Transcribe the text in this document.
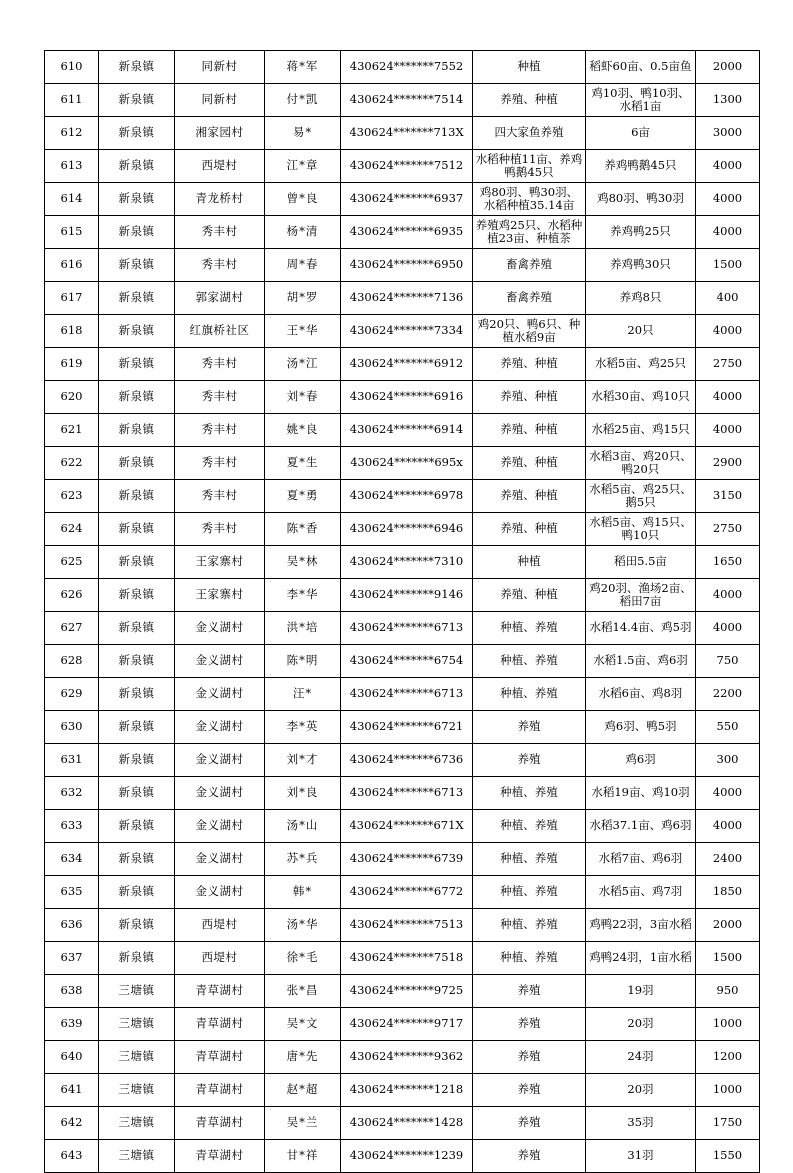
610	新泉镇	同新村	蒋*军	430624*******7552	种植	稻虾60亩、0.5亩鱼	2000
611	新泉镇	同新村	付*凯	430624*******7514	养殖、种植	鸡10羽、鸭10羽、水稻1亩	1300
612	新泉镇	湘家园村	易*	430624*******713X	四大家鱼养殖	6亩	3000
613	新泉镇	西堤村	江*章	430624*******7512	水稻种植11亩、养鸡鸭鹅45只	养鸡鸭鹅45只	4000
614	新泉镇	青龙桥村	曾*良	430624*******6937	鸡80羽、鸭30羽、水稻种植35.14亩	鸡80羽、鸭30羽	4000
615	新泉镇	秀丰村	杨*清	430624*******6935	养殖鸡25只、水稻种植23亩、种植茶	养鸡鸭25只	4000
616	新泉镇	秀丰村	周*春	430624*******6950	畜禽养殖	养鸡鸭30只	1500
617	新泉镇	郭家湖村	胡*罗	430624*******7136	畜禽养殖	养鸡8只	400
618	新泉镇	红旗桥社区	王*华	430624*******7334	鸡20只、鸭6只、种植水稻9亩	20只	4000
619	新泉镇	秀丰村	汤*江	430624*******6912	养殖、种植	水稻5亩、鸡25只	2750
620	新泉镇	秀丰村	刘*春	430624*******6916	养殖、种植	水稻30亩、鸡10只	4000
621	新泉镇	秀丰村	姚*良	430624*******6914	养殖、种植	水稻25亩、鸡15只	4000
622	新泉镇	秀丰村	夏*生	430624*******695x	养殖、种植	水稻3亩、鸡20只、鸭20只	2900
623	新泉镇	秀丰村	夏*勇	430624*******6978	养殖、种植	水稻5亩、鸡25只、鹅5只	3150
624	新泉镇	秀丰村	陈*香	430624*******6946	养殖、种植	水稻5亩、鸡15只、鸭10只	2750
625	新泉镇	王家寨村	吴*林	430624*******7310	种植	稻田5.5亩	1650
626	新泉镇	王家寨村	李*华	430624*******9146	养殖、种植	鸡20羽、渔场2亩、稻田7亩	4000
627	新泉镇	金义湖村	洪*培	430624*******6713	种植、养殖	水稻14.4亩、鸡5羽	4000
628	新泉镇	金义湖村	陈*明	430624*******6754	种植、养殖	水稻1.5亩、鸡6羽	750
629	新泉镇	金义湖村	汪*	430624*******6713	种植、养殖	水稻6亩、鸡8羽	2200
630	新泉镇	金义湖村	李*英	430624*******6721	养殖	鸡6羽、鸭5羽	550
631	新泉镇	金义湖村	刘*才	430624*******6736	养殖	鸡6羽	300
632	新泉镇	金义湖村	刘*良	430624*******6713	种植、养殖	水稻19亩、鸡10羽	4000
633	新泉镇	金义湖村	汤*山	430624*******671X	种植、养殖	水稻37.1亩、鸡6羽	4000
634	新泉镇	金义湖村	苏*兵	430624*******6739	种植、养殖	水稻7亩、鸡6羽	2400
635	新泉镇	金义湖村	韩*	430624*******6772	种植、养殖	水稻5亩、鸡7羽	1850
636	新泉镇	西堤村	汤*华	430624*******7513	种植、养殖	鸡鸭22羽，3亩水稻	2000
637	新泉镇	西堤村	徐*毛	430624*******7518	种植、养殖	鸡鸭24羽，1亩水稻	1500
638	三塘镇	青草湖村	张*昌	430624*******9725	养殖	19羽	950
639	三塘镇	青草湖村	吴*文	430624*******9717	养殖	20羽	1000
640	三塘镇	青草湖村	唐*先	430624*******9362	养殖	24羽	1200
641	三塘镇	青草湖村	赵*超	430624*******1218	养殖	20羽	1000
642	三塘镇	青草湖村	吴*兰	430624*******1428	养殖	35羽	1750
643	三塘镇	青草湖村	甘*祥	430624*******1239	养殖	31羽	1550
